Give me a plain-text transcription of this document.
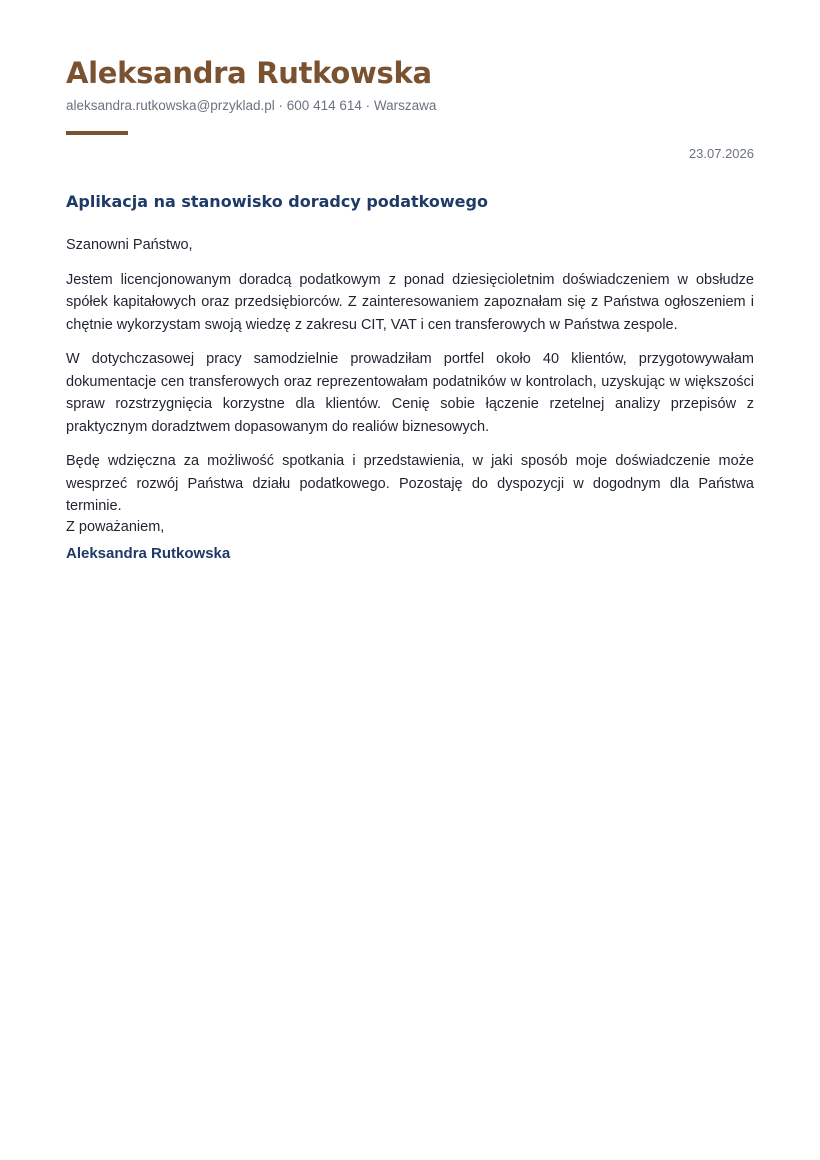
Aleksandra Rutkowska
aleksandra.rutkowska@przyklad.pl · 600 414 614 · Warszawa
23.07.2026
Aplikacja na stanowisko doradcy podatkowego

Szanowni Państwo,

Jestem licencjonowanym doradcą podatkowym z ponad dziesięcioletnim doświadczeniem w obsłudze spółek kapitałowych oraz przedsiębiorców. Z zainteresowaniem zapoznałam się z Państwa ogłoszeniem i chętnie wykorzystam swoją wiedzę z zakresu CIT, VAT i cen transferowych w Państwa zespole.

W dotychczasowej pracy samodzielnie prowadziłam portfel około 40 klientów, przygotowywałam dokumentacje cen transferowych oraz reprezentowałam podatników w kontrolach, uzyskując w większości spraw rozstrzygnięcia korzystne dla klientów. Cenię sobie łączenie rzetelnej analizy przepisów z praktycznym doradztwem dopasowanym do realiów biznesowych.

Będę wdzięczna za możliwość spotkania i przedstawienia, w jaki sposób moje doświadczenie może wesprzeć rozwój Państwa działu podatkowego. Pozostaję do dyspozycji w dogodnym dla Państwa terminie.

Z poważaniem,
Aleksandra Rutkowska
